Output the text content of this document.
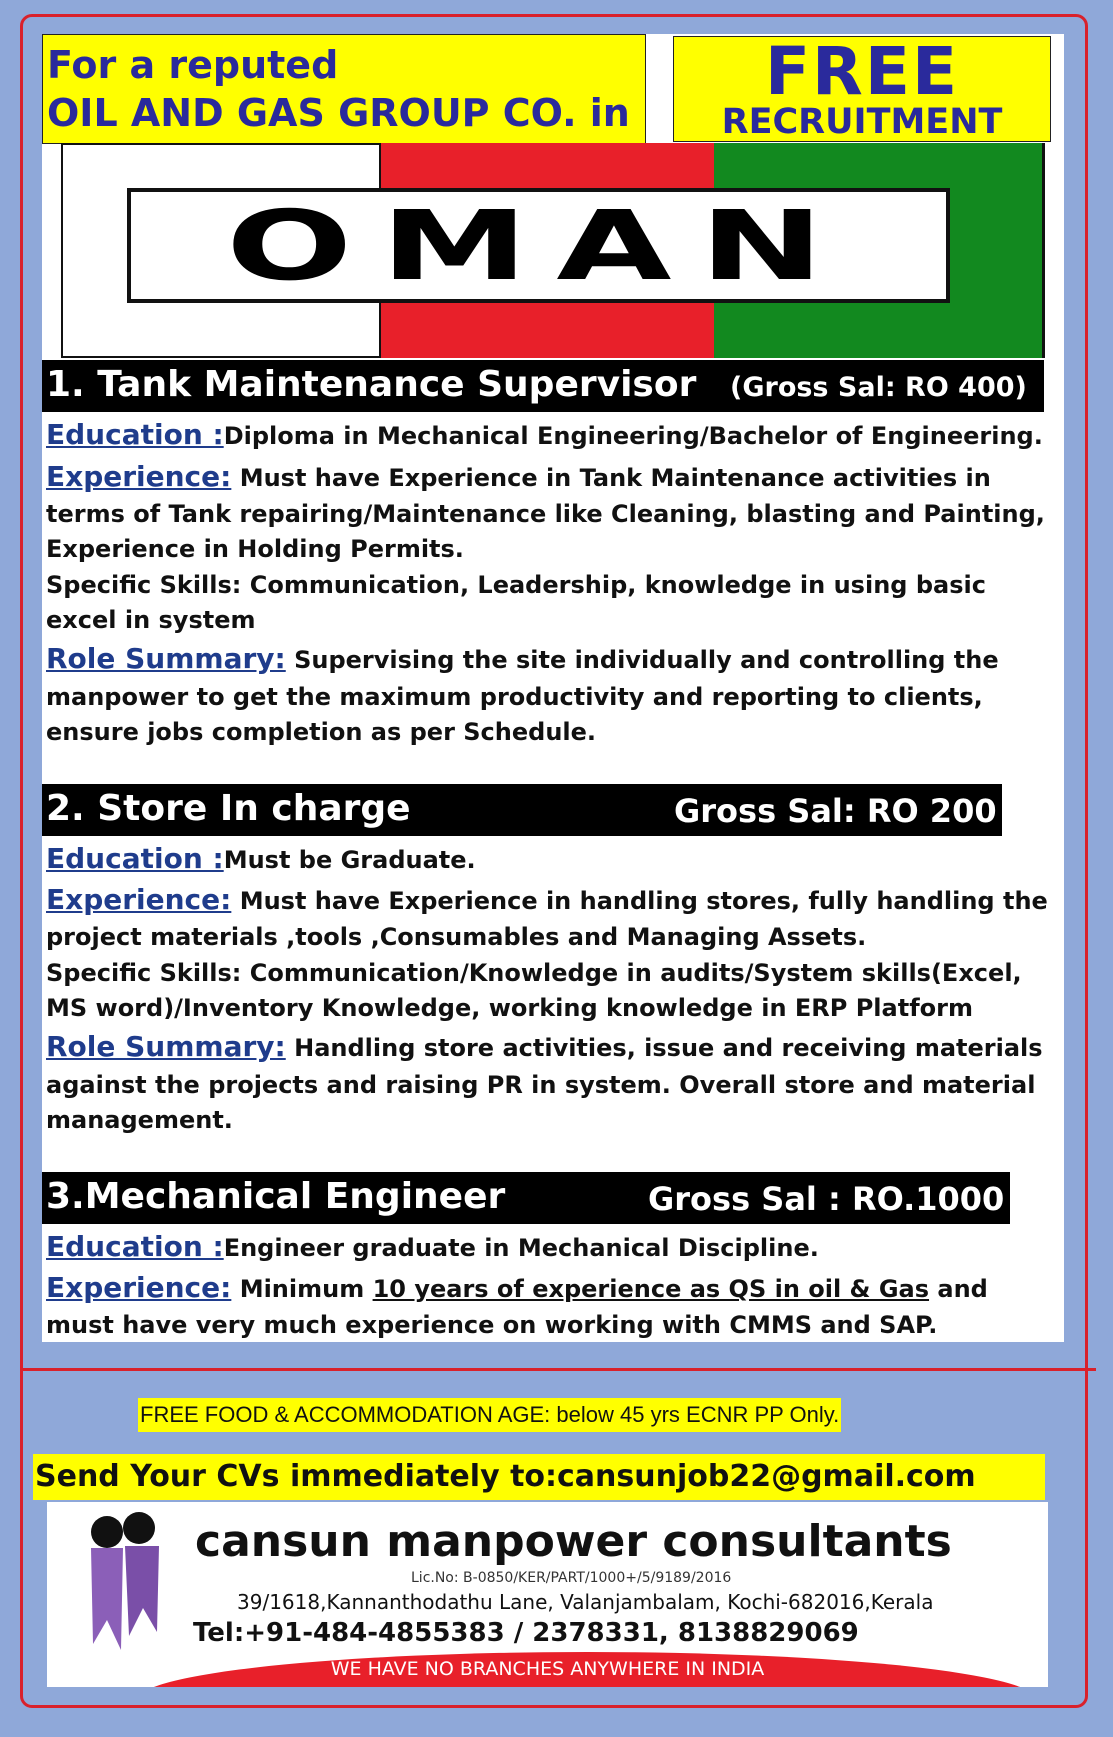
For a reputed
OIL AND GAS GROUP CO. in
FREE
RECRUITMENT
OMAN
1. Tank Maintenance Supervisor (Gross Sal: RO 400)
Education :Diploma in Mechanical Engineering/Bachelor of Engineering.
Experience: Must have Experience in Tank Maintenance activities in
terms of Tank repairing/Maintenance like Cleaning, blasting and Painting,
Experience in Holding Permits.
Specific Skills: Communication, Leadership, knowledge in using basic
excel in system
Role Summary: Supervising the site individually and controlling the
manpower to get the maximum productivity and reporting to clients,
ensure jobs completion as per Schedule.
2. Store In charge	Gross Sal: RO 200
Education :Must be Graduate.
Experience: Must have Experience in handling stores, fully handling the
project materials ,tools ,Consumables and Managing Assets.
Specific Skills: Communication/Knowledge in audits/System skills(Excel,
MS word)/Inventory Knowledge, working knowledge in ERP Platform
Role Summary: Handling store activities, issue and receiving materials
against the projects and raising PR in system. Overall store and material
management.
3.Mechanical Engineer	Gross Sal : RO.1000
Education :Engineer graduate in Mechanical Discipline.
Experience: Minimum 10 years of experience as QS in oil & Gas and
must have very much experience on working with CMMS and SAP.
FREE FOOD & ACCOMMODATION AGE: below 45 yrs ECNR PP Only.
Send Your CVs immediately to:cansunjob22@gmail.com
cansun manpower consultants
Lic.No: B-0850/KER/PART/1000+/5/9189/2016
39/1618,Kannanthodathu Lane, Valanjambalam, Kochi-682016,Kerala
Tel:+91-484-4855383 / 2378331, 8138829069
WE HAVE NO BRANCHES ANYWHERE IN INDIA
